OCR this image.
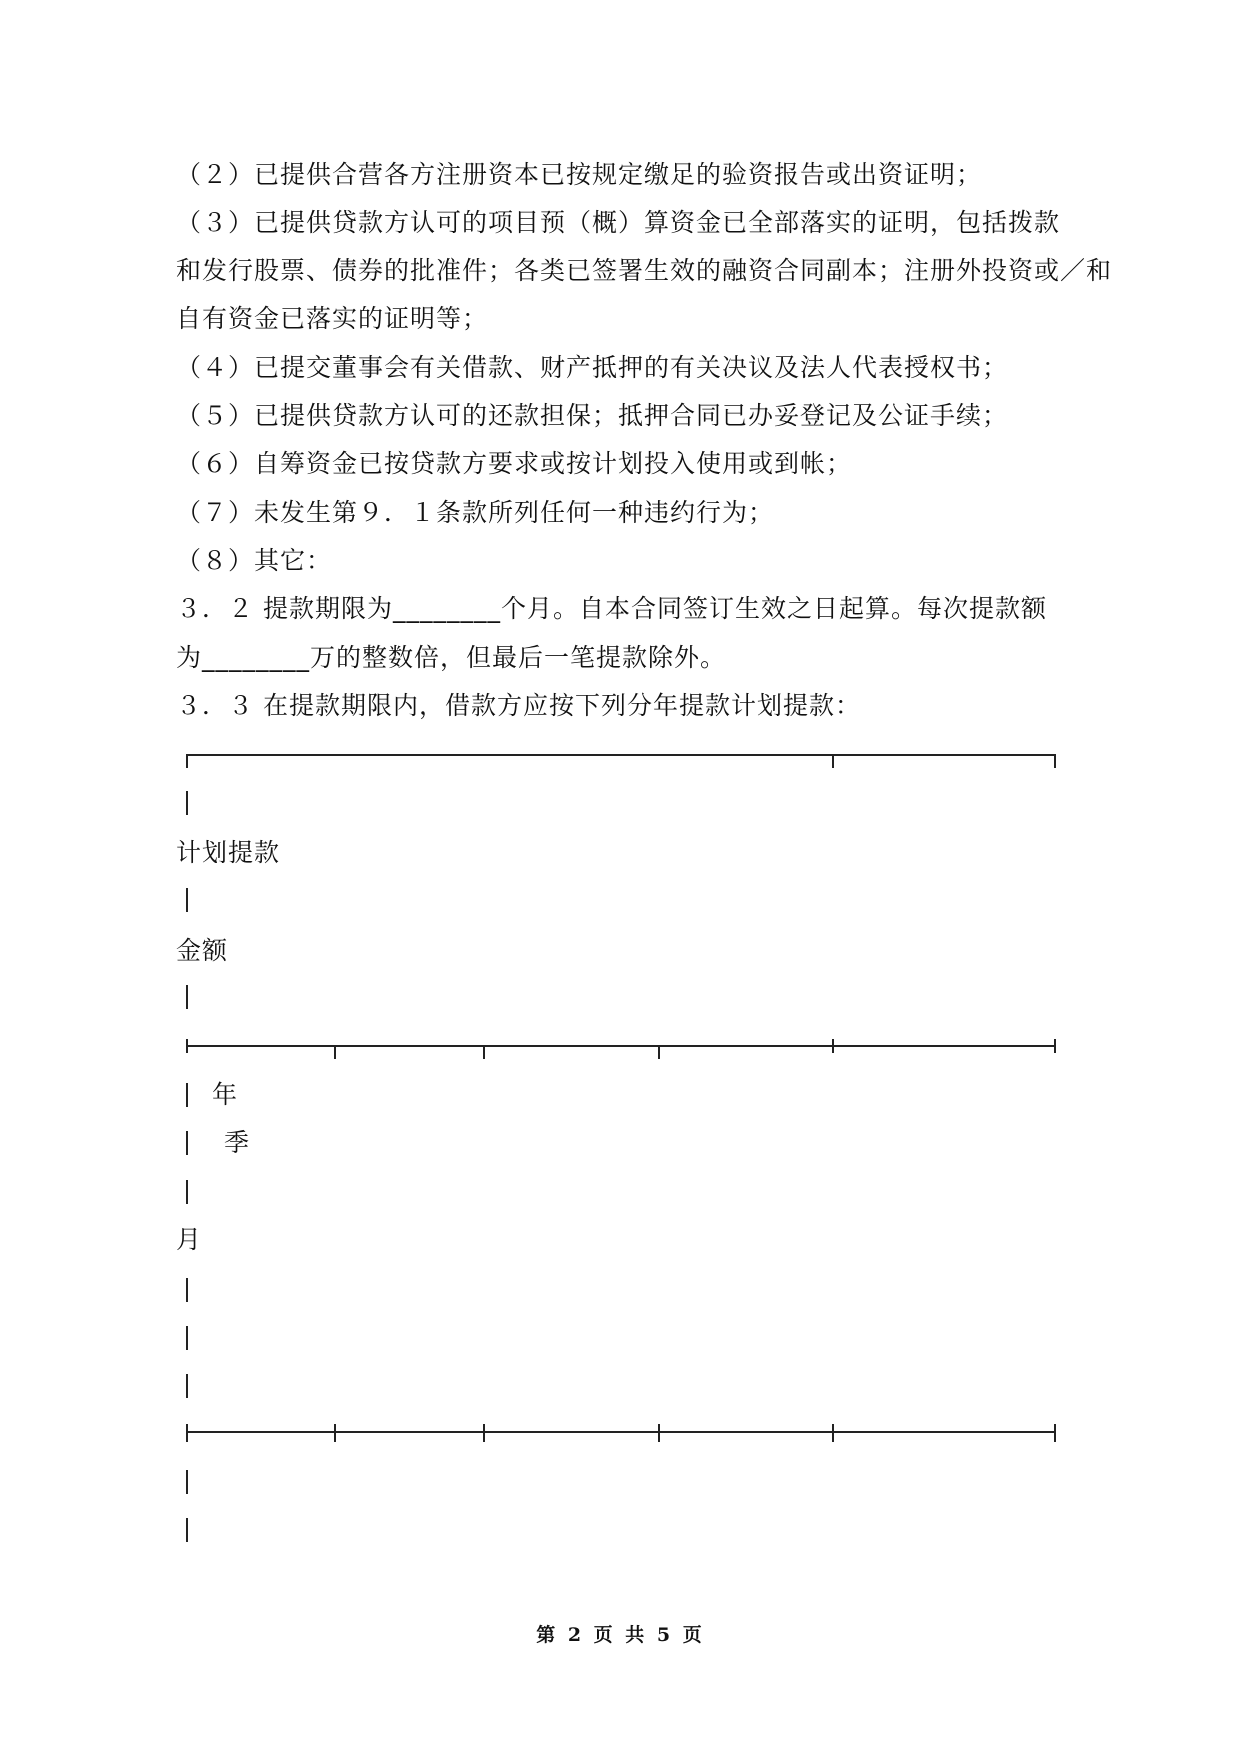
（２）已提供合营各方注册资本已按规定缴足的验资报告或出资证明；
（３）已提供贷款方认可的项目预（概）算资金已全部落实的证明，包括拨款
和发行股票、债券的批准件；各类已签署生效的融资合同副本；注册外投资或／和
自有资金已落实的证明等；
（４）已提交董事会有关借款、财产抵押的有关决议及法人代表授权书；
（５）已提供贷款方认可的还款担保；抵押合同已办妥登记及公证手续；
（６）自筹资金已按贷款方要求或按计划投入使用或到帐；
（７）未发生第９．１条款所列任何一种违约行为；
（８）其它：
３．２ 提款期限为________个月。自本合同签订生效之日起算。每次提款额
为________万的整数倍，但最后一笔提款除外。
３．３ 在提款期限内，借款方应按下列分年提款计划提款：
计划提款
金额
年
季
月
第 2 页 共 5 页
